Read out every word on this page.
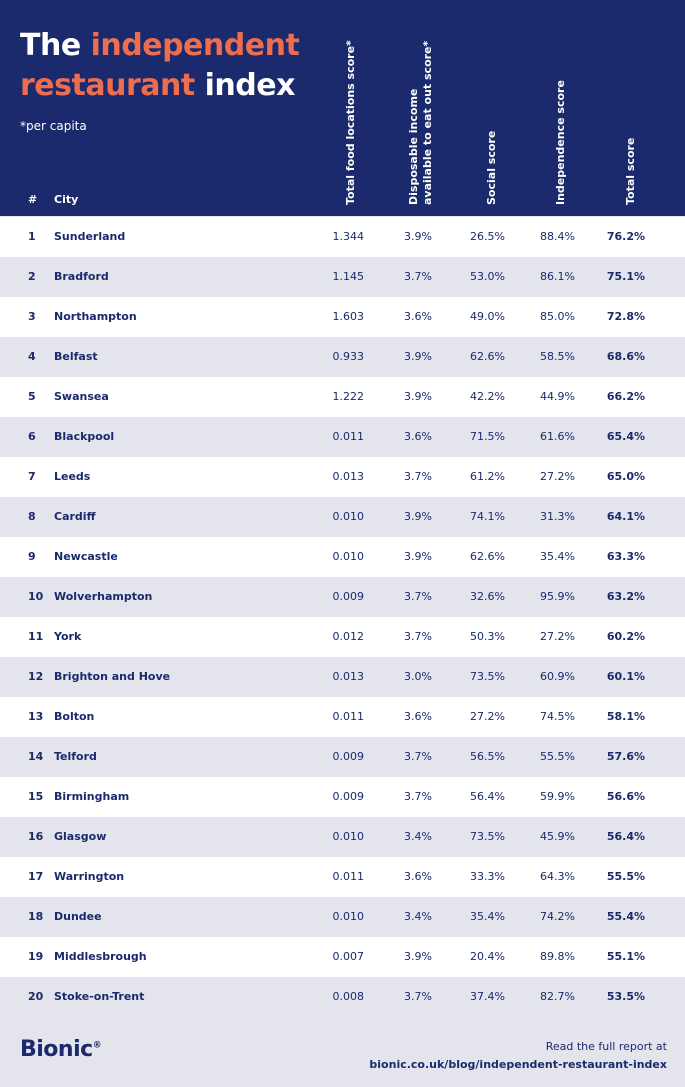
The independent
restaurant index
*per capita
# City	Total food locations score*	Disposable income available to eat out score*	Social score	Independence score	Total score
1 Sunderland	1.344	3.9%	26.5%	88.4%	76.2%
2 Bradford	1.145	3.7%	53.0%	86.1%	75.1%
3 Northampton	1.603	3.6%	49.0%	85.0%	72.8%
4 Belfast	0.933	3.9%	62.6%	58.5%	68.6%
5 Swansea	1.222	3.9%	42.2%	44.9%	66.2%
6 Blackpool	0.011	3.6%	71.5%	61.6%	65.4%
7 Leeds	0.013	3.7%	61.2%	27.2%	65.0%
8 Cardiff	0.010	3.9%	74.1%	31.3%	64.1%
9 Newcastle	0.010	3.9%	62.6%	35.4%	63.3%
10 Wolverhampton	0.009	3.7%	32.6%	95.9%	63.2%
11 York	0.012	3.7%	50.3%	27.2%	60.2%
12 Brighton and Hove	0.013	3.0%	73.5%	60.9%	60.1%
13 Bolton	0.011	3.6%	27.2%	74.5%	58.1%
14 Telford	0.009	3.7%	56.5%	55.5%	57.6%
15 Birmingham	0.009	3.7%	56.4%	59.9%	56.6%
16 Glasgow	0.010	3.4%	73.5%	45.9%	56.4%
17 Warrington	0.011	3.6%	33.3%	64.3%	55.5%
18 Dundee	0.010	3.4%	35.4%	74.2%	55.4%
19 Middlesbrough	0.007	3.9%	20.4%	89.8%	55.1%
20 Stoke-on-Trent	0.008	3.7%	37.4%	82.7%	53.5%
Bionic®	Read the full report at
bionic.co.uk/blog/independent-restaurant-index
